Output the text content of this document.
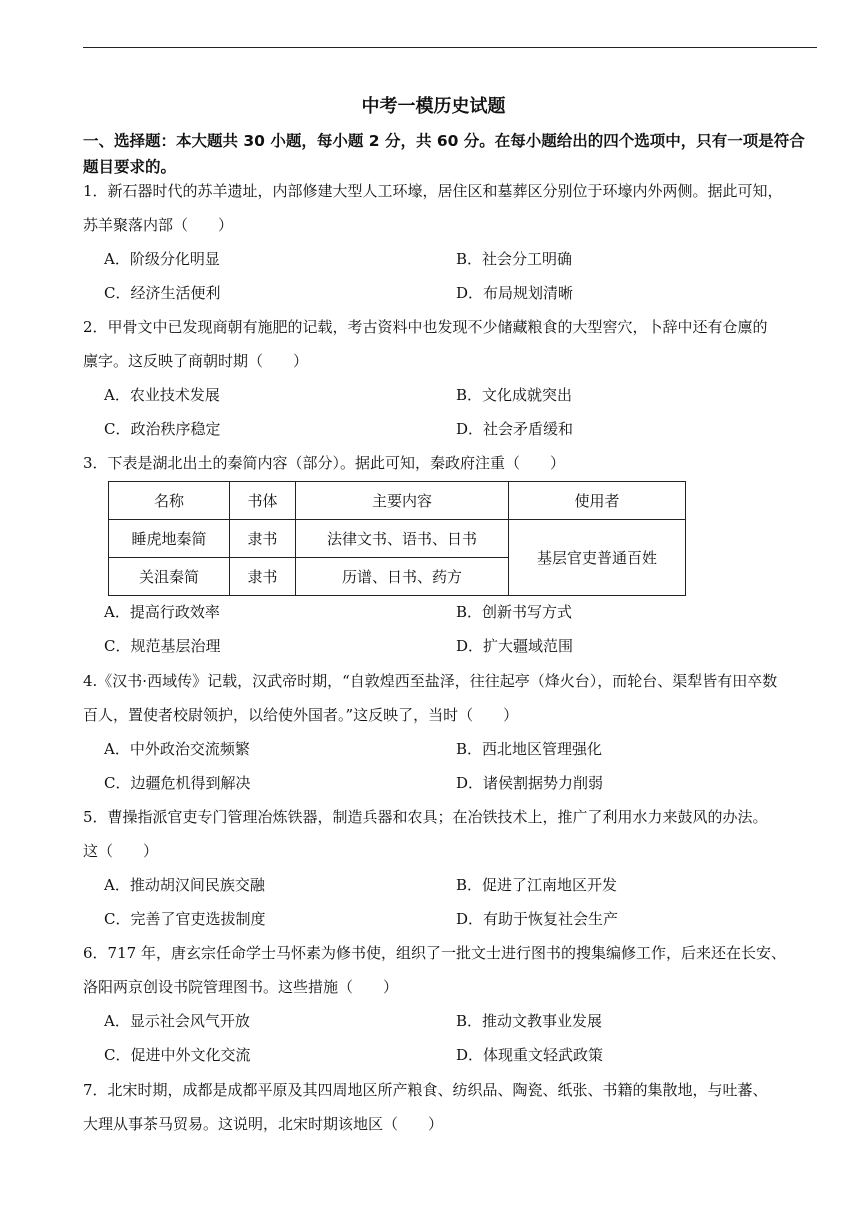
中考一模历史试题
一、选择题：本大题共 30 小题，每小题 2 分，共 60 分。在每小题给出的四个选项中，只有一项是符合题目要求的。
1．新石器时代的苏羊遗址，内部修建大型人工环壕，居住区和墓葬区分别位于环壕内外两侧。据此可知，
苏羊聚落内部（　　）
A．阶级分化明显	B．社会分工明确
C．经济生活便利	D．布局规划清晰
2．甲骨文中已发现商朝有施肥的记载，考古资料中也发现不少储藏粮食的大型窖穴，卜辞中还有仓廪的
廪字。这反映了商朝时期（　　）
A．农业技术发展	B．文化成就突出
C．政治秩序稳定	D．社会矛盾缓和
3．下表是湖北出土的秦简内容（部分）。据此可知，秦政府注重（　　）
名称	书体	主要内容	使用者
睡虎地秦简	隶书	法律文书、语书、日书	基层官吏普通百姓
关沮秦简	隶书	历谱、日书、药方	
A．提高行政效率	B．创新书写方式
C．规范基层治理	D．扩大疆域范围
4.《汉书·西域传》记载，汉武帝时期，“自敦煌西至盐泽，往往起亭（烽火台），而轮台、渠犁皆有田卒数
百人，置使者校尉领护，以给使外国者。”这反映了，当时（　　）
A．中外政治交流频繁	B．西北地区管理强化
C．边疆危机得到解决	D．诸侯割据势力削弱
5．曹操指派官吏专门管理冶炼铁器，制造兵器和农具；在冶铁技术上，推广了利用水力来鼓风的办法。
这（　　）
A．推动胡汉间民族交融	B．促进了江南地区开发
C．完善了官吏选拔制度	D．有助于恢复社会生产
6．717 年，唐玄宗任命学士马怀素为修书使，组织了一批文士进行图书的搜集编修工作，后来还在长安、
洛阳两京创设书院管理图书。这些措施（　　）
A．显示社会风气开放	B．推动文教事业发展
C．促进中外文化交流	D．体现重文轻武政策
7．北宋时期，成都是成都平原及其四周地区所产粮食、纺织品、陶瓷、纸张、书籍的集散地，与吐蕃、
大理从事茶马贸易。这说明，北宋时期该地区（　　）
